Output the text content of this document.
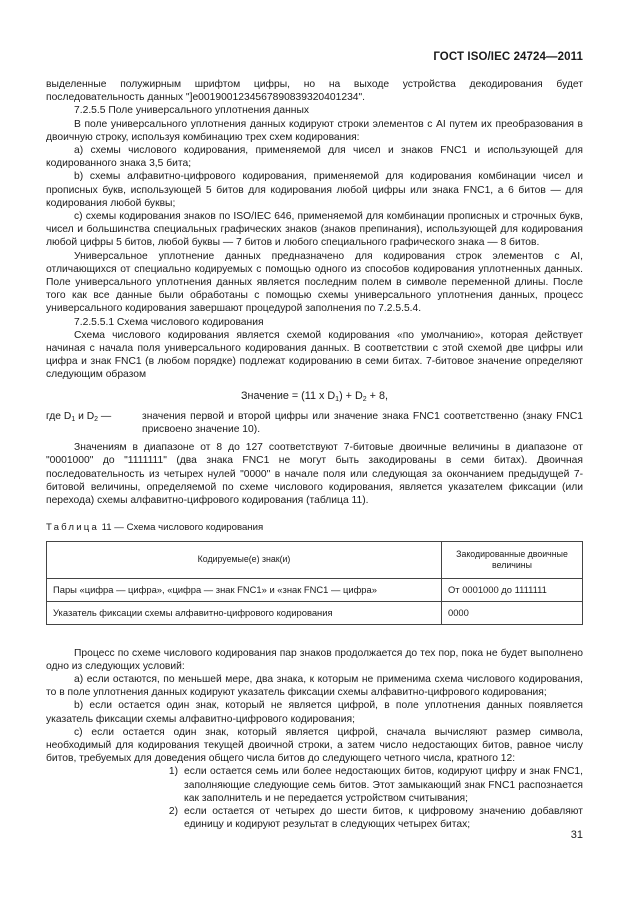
ГОСТ ISO/IEC 24724—2011

выделенные полужирным шрифтом цифры, но на выходе устройства декодирования будет последовательность данных "]e0019001234567890839320401234".

7.2.5.5 Поле универсального уплотнения данных

В поле универсального уплотнения данных кодируют строки элементов с AI путем их преобразования в двоичную строку, используя комбинацию трех схем кодирования:

а) схемы числового кодирования, применяемой для чисел и знаков FNC1 и использующей для кодированного знака 3,5 бита;

b) схемы алфавитно-цифрового кодирования, применяемой для кодирования комбинации чисел и прописных букв, использующей 5 битов для кодирования любой цифры или знака FNC1, а 6 битов — для кодирования любой буквы;

c) схемы кодирования знаков по ISO/IEC 646, применяемой для комбинации прописных и строчных букв, чисел и большинства специальных графических знаков (знаков препинания), использующей для кодирования любой цифры 5 битов, любой буквы — 7 битов и любого специального графического знака — 8 битов.

Универсальное уплотнение данных предназначено для кодирования строк элементов с AI, отличающихся от специально кодируемых с помощью одного из способов кодирования уплотненных данных. Поле универсального уплотнения данных является последним полем в символе переменной длины. После того как все данные были обработаны с помощью схемы универсального уплотнения данных, процесс универсального кодирования завершают процедурой заполнения по 7.2.5.5.4.

7.2.5.5.1 Схема числового кодирования

Схема числового кодирования является схемой кодирования «по умолчанию», которая действует начиная с начала поля универсального кодирования данных. В соответствии с этой схемой две цифры или цифра и знак FNC1 (в любом порядке) подлежат кодированию в семи битах. 7-битовое значение определяют следующим образом

Значение = (11 x $D_1) + D_2 + 8$,
где $D_1$ и $D_2$ —	значения первой и второй цифры или значение знака FNC1 соответственно (знаку FNC1 присвоено значение 10).

Значениям в диапазоне от 8 до 127 соответствуют 7-битовые двоичные величины в диапазоне от "0001000" до "1111111" (два знака FNC1 не могут быть закодированы в семи битах). Двоичная последовательность из четырех нулей "0000" в начале поля или следующая за окончанием предыдущей 7-битовой величины, определяемой по схеме числового кодирования, является указателем фиксации (или перехода) схемы алфавитно-цифрового кодирования (таблица 11).

Таблица 11 — Схема числового кодирования
Кодируемые(е) знак(и)	Закодированные двоичные величины
Пары «цифра — цифра», «цифра — знак FNC1» и «знак FNC1 — цифра»	От 0001000 до 1111111
Указатель фиксации схемы алфавитно-цифрового кодирования	0000

Процесс по схеме числового кодирования пар знаков продолжается до тех пор, пока не будет выполнено одно из следующих условий:

а) если остаются, по меньшей мере, два знака, к которым не применима схема числового кодирования, то в поле уплотнения данных кодируют указатель фиксации схемы алфавитно-цифрового кодирования;

b) если остается один знак, который не является цифрой, в поле уплотнения данных появляется указатель фиксации схемы алфавитно-цифрового кодирования;

c) если остается один знак, который является цифрой, сначала вычисляют размер символа, необходимый для кодирования текущей двоичной строки, а затем число недостающих битов, равное числу битов, требуемых для доведения общего числа битов до следующего четного числа, кратного 12:

1) если остается семь или более недостающих битов, кодируют цифру и знак FNC1, заполняющие следующие семь битов. Этот замыкающий знак FNC1 распознается как заполнитель и не передается устройством считывания;
2) если остается от четырех до шести битов, к цифровому значению добавляют единицу и кодируют результат в следующих четырех битах;
31
